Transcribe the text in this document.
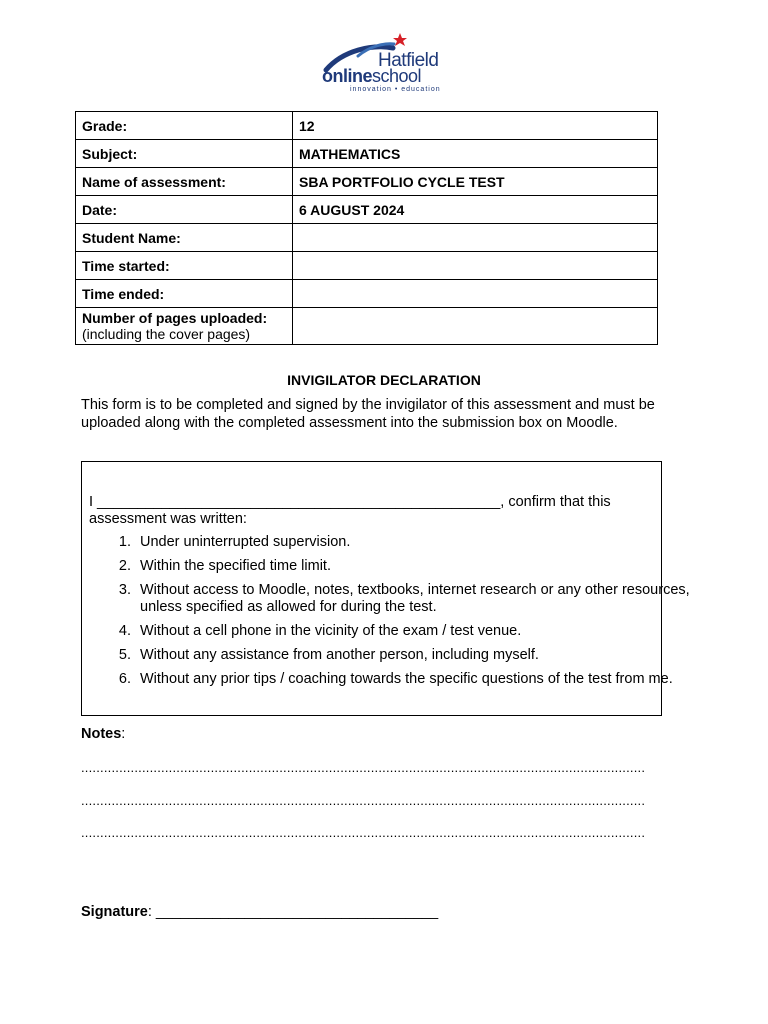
Hatfield
onlineschool
innovation • education
Grade:	12
Subject:	MATHEMATICS
Name of assessment:	SBA PORTFOLIO CYCLE TEST
Date:	6 AUGUST 2024
Student Name:	
Time started:	
Time ended:	
Number of pages uploaded:
(including the cover pages)	

INVIGILATOR DECLARATION
This form is to be completed and signed by the invigilator of this assessment and must be uploaded along with the completed assessment into the submission box on Moodle.
I __________________________________________________, confirm that this assessment was written:
1. Under uninterrupted supervision.
2. Within the specified time limit.
3. Without access to Moodle, notes, textbooks, internet research or any other resources, unless specified as allowed for during the test.
4. Without a cell phone in the vicinity of the exam / test venue.
5. Without any assistance from another person, including myself.
6. Without any prior tips / coaching towards the specific questions of the test from me.
Notes:
....................................................................................................................................................
....................................................................................................................................................
....................................................................................................................................................
Signature: ___________________________________
